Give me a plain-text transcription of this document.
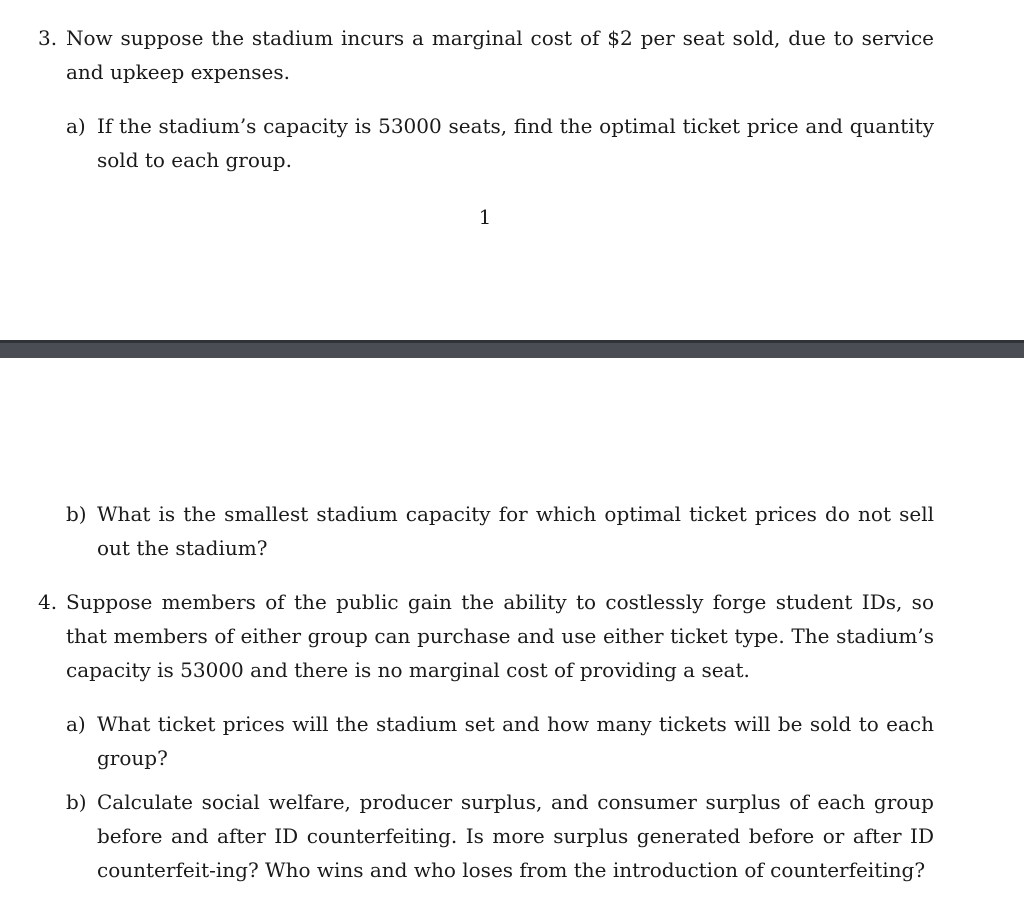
3. Now suppose the stadium incurs a marginal cost of $2 per seat sold, due to service and upkeep expenses.
a) If the stadium’s capacity is 53000 seats, find the optimal ticket price and quantity sold to each group.
1
b) What is the smallest stadium capacity for which optimal ticket prices do not sell out the stadium?
4. Suppose members of the public gain the ability to costlessly forge student IDs, so that members of either group can purchase and use either ticket type. The stadium’s capacity is 53000 and there is no marginal cost of providing a seat.
a) What ticket prices will the stadium set and how many tickets will be sold to each group?
b) Calculate social welfare, producer surplus, and consumer surplus of each group before and after ID counterfeiting. Is more surplus generated before or after ID counterfeit-ing? Who wins and who loses from the introduction of counterfeiting?
